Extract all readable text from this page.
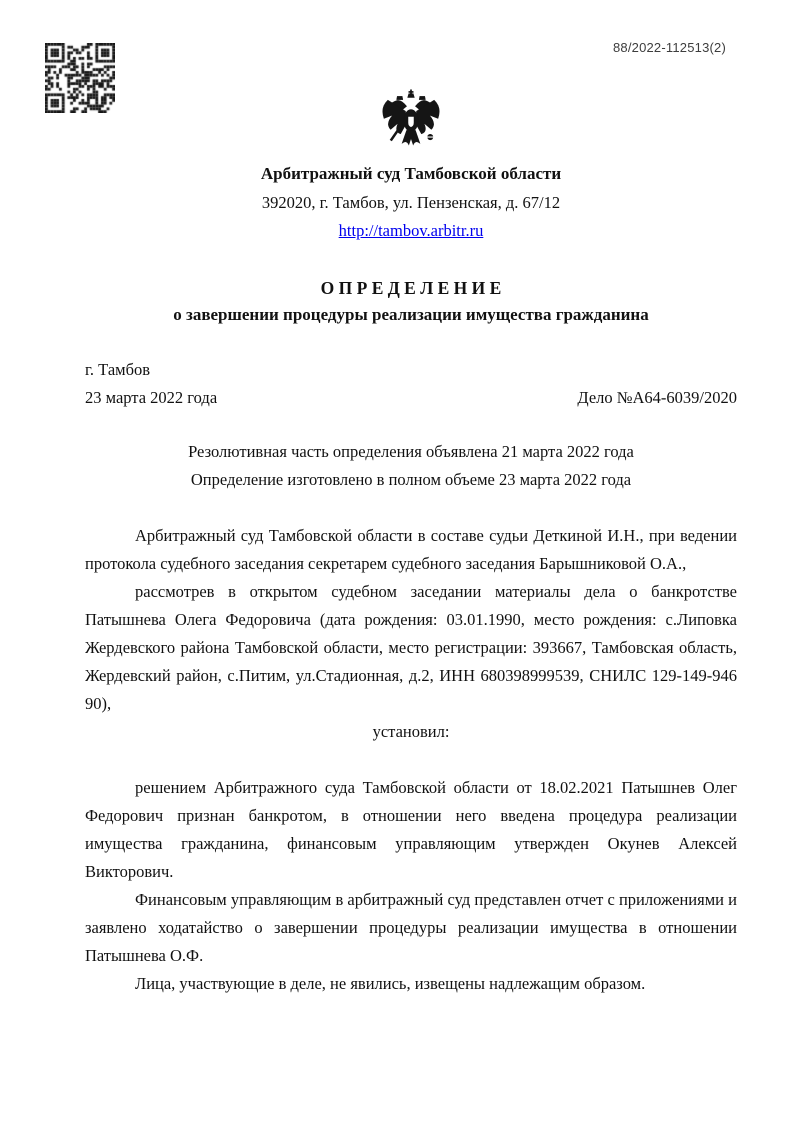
88/2022-112513(2)
Арбитражный суд Тамбовской области
392020, г. Тамбов, ул. Пензенская, д. 67/12
http://tambov.arbitr.ru
О П Р Е Д Е Л Е Н И Е
о завершении процедуры реализации имущества гражданина
г. Тамбов
23 марта 2022 года	Дело №А64-6039/2020
Резолютивная часть определения объявлена 21 марта 2022 года
Определение изготовлено в полном объеме 23 марта 2022 года

Арбитражный суд Тамбовской области в составе судьи Деткиной И.Н., при ведении протокола судебного заседания секретарем судебного заседания Барышниковой О.А.,

рассмотрев в открытом судебном заседании материалы дела о банкротстве Патышнева Олега Федоровича (дата рождения: 03.01.1990, место рождения: с.Липовка Жердевского района Тамбовской области, место регистрации: 393667, Тамбовская область, Жердевский район, с.Питим, ул.Стадионная, д.2, ИНН 680398999539, СНИЛС 129-149-946 90),

установил:

решением Арбитражного суда Тамбовской области от 18.02.2021 Патышнев Олег Федорович признан банкротом, в отношении него введена процедура реализации имущества гражданина, финансовым управляющим утвержден Окунев Алексей Викторович.

Финансовым управляющим в арбитражный суд представлен отчет с приложениями и заявлено ходатайство о завершении процедуры реализации имущества в отношении Патышнева О.Ф.

Лица, участвующие в деле, не явились, извещены надлежащим образом.
